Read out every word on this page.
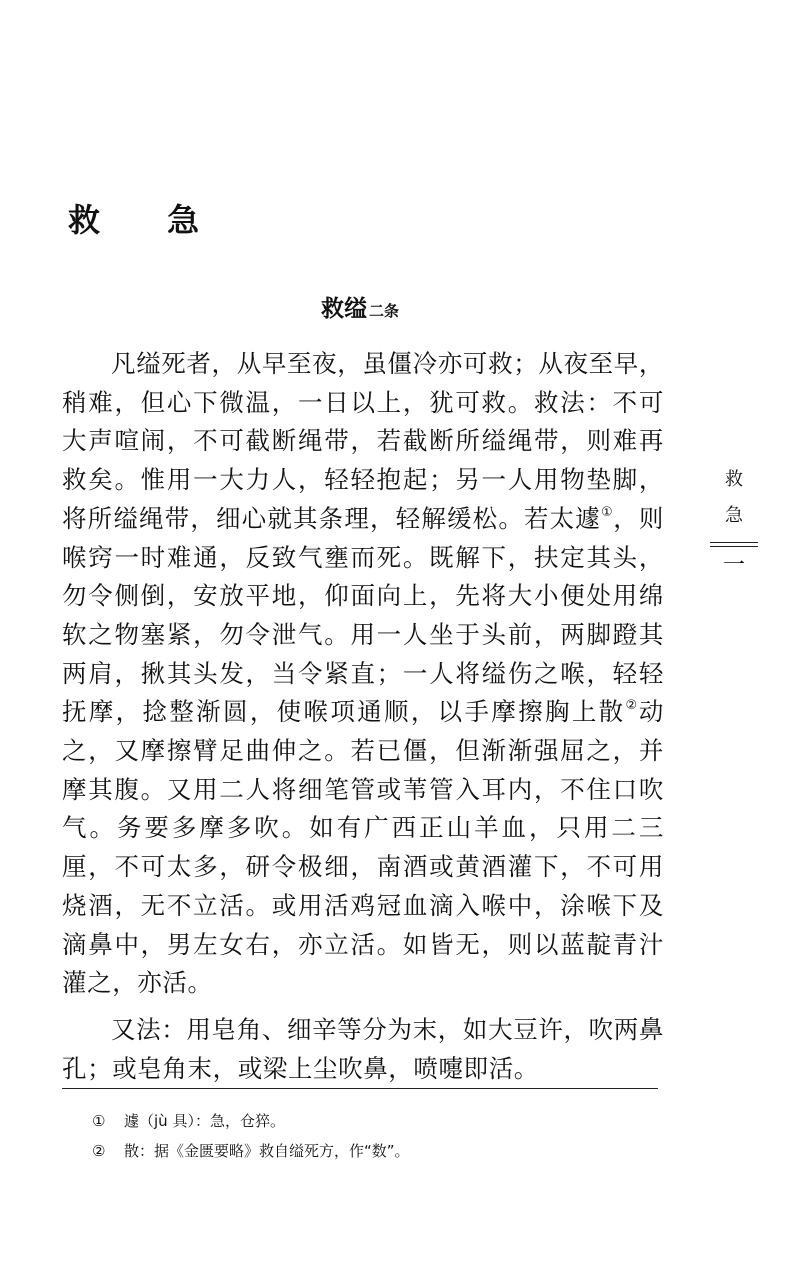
救 急
救缢 二条

凡缢死者，从早至夜，虽僵冷亦可救；从夜至早，稍难，但心下微温，一日以上，犹可救。救法：不可大声喧闹，不可截断绳带，若截断所缢绳带，则难再救矣。惟用一大力人，轻轻抱起；另一人用物垫脚，将所缢绳带，细心就其条理，轻解缓松。若太遽①，则喉窍一时难通，反致气壅而死。既解下，扶定其头，勿令侧倒，安放平地，仰面向上，先将大小便处用绵软之物塞紧，勿令泄气。用一人坐于头前，两脚蹬其两肩，揪其头发，当令紧直；一人将缢伤之喉，轻轻抚摩，捻整渐圆，使喉项通顺，以手摩擦胸上散②动之，又摩擦臂足曲伸之。若已僵，但渐渐强屈之，并摩其腹。又用二人将细笔管或苇管入耳内，不住口吹气。务要多摩多吹。如有广西正山羊血，只用二三厘，不可太多，研令极细，南酒或黄酒灌下，不可用烧酒，无不立活。或用活鸡冠血滴入喉中，涂喉下及滴鼻中，男左女右，亦立活。如皆无，则以蓝靛青汁灌之，亦活。

又法：用皂角、细辛等分为末，如大豆许，吹两鼻孔；或皂角末，或梁上尘吹鼻，喷嚏即活。

救急
一
①	遽（jù 具）：急，仓猝。
②	散：据《金匮要略》救自缢死方，作“数”。
